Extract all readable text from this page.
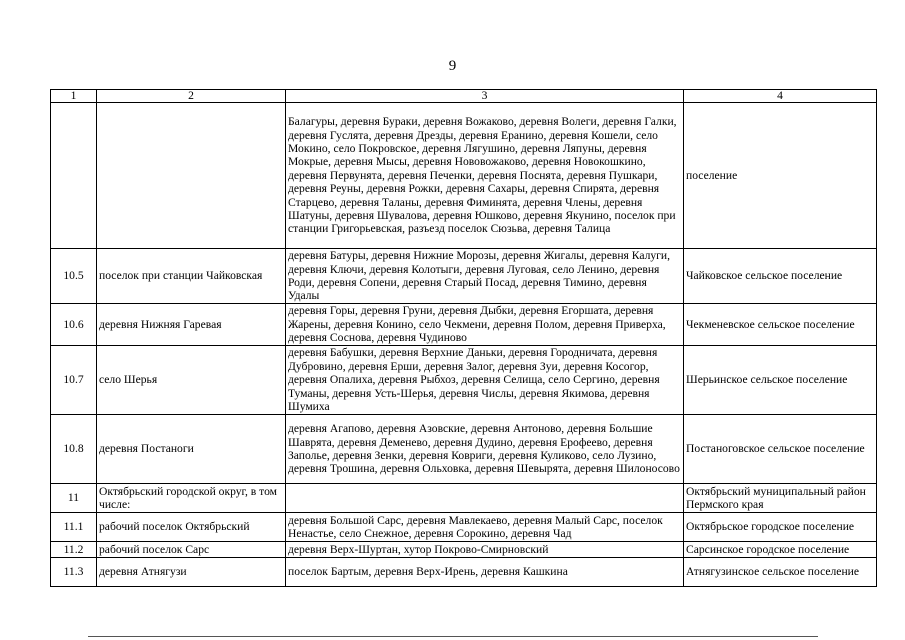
9
1	2	3	4
		Балагуры, деревня Бураки, деревня Вожаково, деревня Волеги, деревня Галки, деревня Гуслята, деревня Дрезды, деревня Еранино, деревня Кошели, село Мокино, село Покровское, деревня Лягушино, деревня Ляпуны, деревня Мокрые, деревня Мысы, деревня Нововожаково, деревня Новокошкино, деревня Первунята, деревня Печенки, деревня Поснята, деревня Пушкари, деревня Реуны, деревня Рожки, деревня Сахары, деревня Спирята, деревня Старцево, деревня Таланы, деревня Фиминята, деревня Члены, деревня Шатуны, деревня Шувалова, деревня Юшково, деревня Якунино, поселок при станции Григорьевская, разъезд поселок Сюзьва, деревня Талица	поселение
10.5	поселок при станции Чайковская	деревня Батуры, деревня Нижние Морозы, деревня Жигалы, деревня Калуги, деревня Ключи, деревня Колотыги, деревня Луговая, село Ленино, деревня Роди, деревня Сопени, деревня Старый Посад, деревня Тимино, деревня Удалы	Чайковское сельское поселение
10.6	деревня Нижняя Гаревая	деревня Горы, деревня Груни, деревня Дыбки, деревня Егоршата, деревня Жарены, деревня Конино, село Чекмени, деревня Полом, деревня Приверха, деревня Соснова, деревня Чудиново	Чекменевское сельское поселение
10.7	село Шерья	деревня Бабушки, деревня Верхние Даньки, деревня Городничата, деревня Дубровино, деревня Ерши, деревня Залог, деревня Зуи, деревня Косогор, деревня Опалиха, деревня Рыбхоз, деревня Селища, село Сергино, деревня Туманы, деревня Усть-Шерья, деревня Числы, деревня Якимова, деревня Шумиха	Шерьинское сельское поселение
10.8	деревня Постаноги	деревня Агапово, деревня Азовские, деревня Антоново, деревня Большие Шаврята, деревня Деменево, деревня Дудино, деревня Ерофеево, деревня Заполье, деревня Зенки, деревня Ковриги, деревня Куликово, село Лузино, деревня Трошина, деревня Ольховка, деревня Шевырята, деревня Шилоносово	Постаноговское сельское поселение
11	Октябрьский городской округ, в том числе:		Октябрьский муниципальный район Пермского края
11.1	рабочий поселок Октябрьский	деревня Большой Сарс, деревня Мавлекаево, деревня Малый Сарс, поселок Ненастье, село Снежное, деревня Сорокино, деревня Чад	Октябрьское городское поселение
11.2	рабочий поселок Сарс	деревня Верх-Шуртан, хутор Покрово-Смирновский	Сарсинское городское поселение
11.3	деревня Атнягузи	поселок Бартым, деревня Верх-Ирень, деревня Кашкина	Атнягузинское сельское поселение
